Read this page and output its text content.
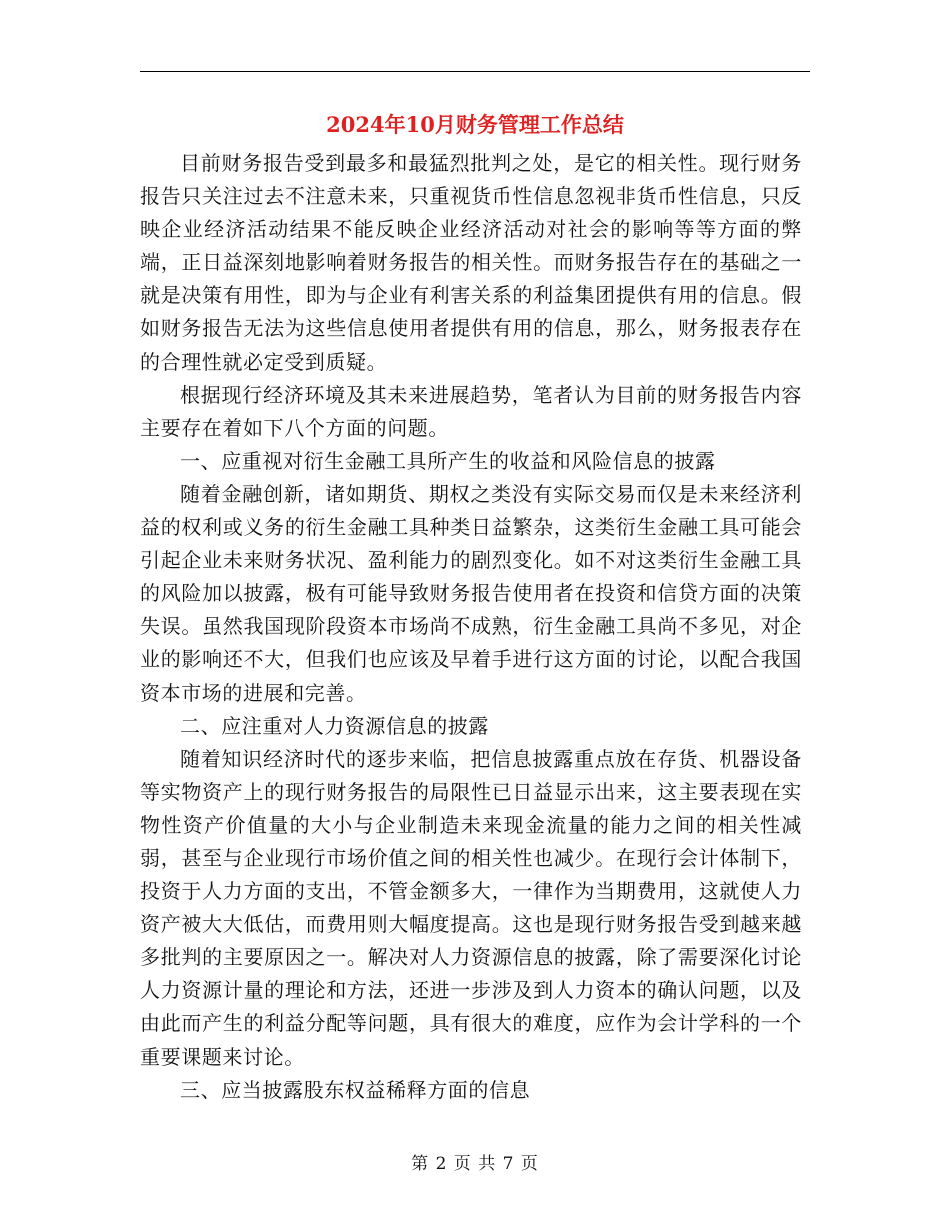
2024年10月财务管理工作总结

目前财务报告受到最多和最猛烈批判之处，是它的相关性。现行财务报告只关注过去不注意未来，只重视货币性信息忽视非货币性信息，只反映企业经济活动结果不能反映企业经济活动对社会的影响等等方面的弊端，正日益深刻地影响着财务报告的相关性。而财务报告存在的基础之一就是决策有用性，即为与企业有利害关系的利益集团提供有用的信息。假如财务报告无法为这些信息使用者提供有用的信息，那么，财务报表存在的合理性就必定受到质疑。

根据现行经济环境及其未来进展趋势，笔者认为目前的财务报告内容主要存在着如下八个方面的问题。

一、应重视对衍生金融工具所产生的收益和风险信息的披露

随着金融创新，诸如期货、期权之类没有实际交易而仅是未来经济利益的权利或义务的衍生金融工具种类日益繁杂，这类衍生金融工具可能会引起企业未来财务状况、盈利能力的剧烈变化。如不对这类衍生金融工具的风险加以披露，极有可能导致财务报告使用者在投资和信贷方面的决策失误。虽然我国现阶段资本市场尚不成熟，衍生金融工具尚不多见，对企业的影响还不大，但我们也应该及早着手进行这方面的讨论，以配合我国资本市场的进展和完善。

二、应注重对人力资源信息的披露

随着知识经济时代的逐步来临，把信息披露重点放在存货、机器设备等实物资产上的现行财务报告的局限性已日益显示出来，这主要表现在实物性资产价值量的大小与企业制造未来现金流量的能力之间的相关性减弱，甚至与企业现行市场价值之间的相关性也减少。在现行会计体制下，投资于人力方面的支出，不管金额多大，一律作为当期费用，这就使人力资产被大大低估，而费用则大幅度提高。这也是现行财务报告受到越来越多批判的主要原因之一。解决对人力资源信息的披露，除了需要深化讨论人力资源计量的理论和方法，还进一步涉及到人力资本的确认问题，以及由此而产生的利益分配等问题，具有很大的难度，应作为会计学科的一个重要课题来讨论。

三、应当披露股东权益稀释方面的信息

第 2 页 共 7 页
